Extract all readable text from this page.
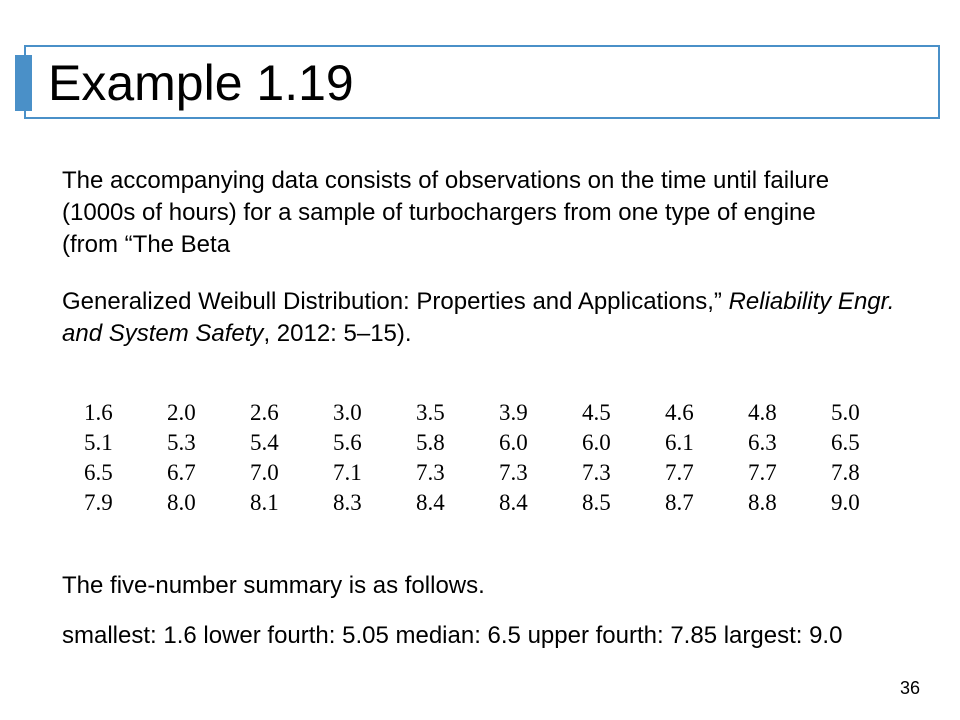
Example 1.19

The accompanying data consists of observations on the time until failure (1000s of hours) for a sample of turbochargers from one type of engine (from “The Beta

Generalized Weibull Distribution: Properties and Applications,” Reliability Engr. and System Safety, 2012: 5–15).

1.6	2.0	2.6	3.0	3.5	3.9	4.5	4.6	4.8	5.0
5.1	5.3	5.4	5.6	5.8	6.0	6.0	6.1	6.3	6.5
6.5	6.7	7.0	7.1	7.3	7.3	7.3	7.7	7.7	7.8
7.9	8.0	8.1	8.3	8.4	8.4	8.5	8.7	8.8	9.0

The five-number summary is as follows.

smallest: 1.6 lower fourth: 5.05 median: 6.5 upper fourth: 7.85 largest: 9.0

36
